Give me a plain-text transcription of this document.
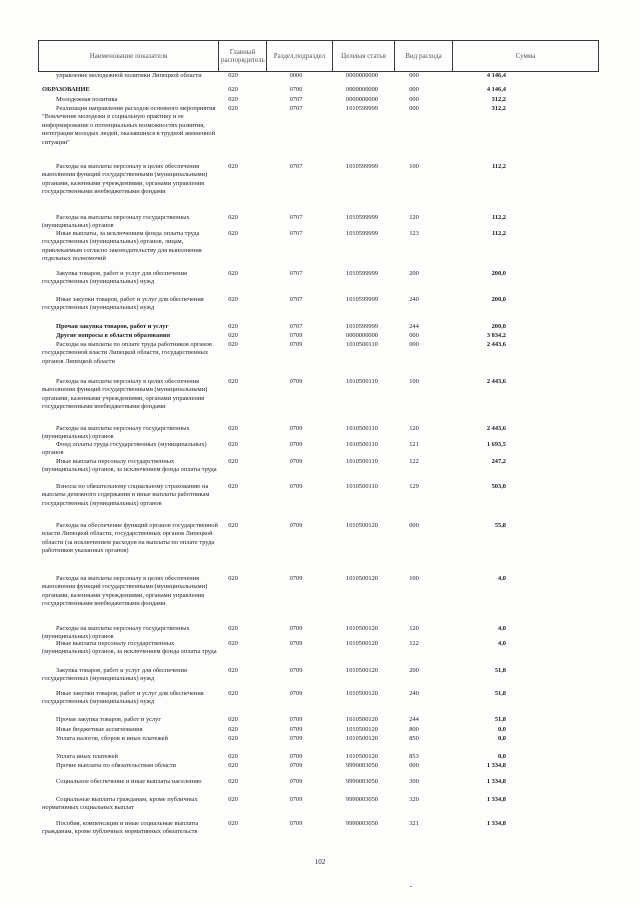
Наименование показателя	Главный распорядитель	Раздел,подраздел	Целевая статья	Вид расхода	Сумма
управление молодежной политики Липецкой области	020	0000	0000000000	000	4 146,4
ОБРАЗОВАНИЕ	020	0700	0000000000	000	4 146,4
Молодежная политика	020	0707	0000000000	000	312,2
Реализация направления расходов основного мероприятия "Вовлечение молодежи в социальную практику и ее информирование о потенциальных возможностях развития, интеграция молодых людей, оказавшихся в трудной жизненной ситуации"
020	0707	1010599999	000	312,2
Расходы на выплаты персоналу в целях обеспечения выполнения функций государственными (муниципальными) органами, казенными учреждениями, органами управления государственными внебюджетными фондами
020	0707	1010599999	100	112,2
Расходы на выплаты персоналу государственных (муниципальных) органов
020	0707	1010599999	120	112,2
Иные выплаты, за исключением фонда оплаты труда государственных (муниципальных) органов, лицам, привлекаемым согласно законодательству для выполнения отдельных полномочий
020	0707	1010599999	123	112,2
Закупка товаров, работ и услуг для обеспечения государственных (муниципальных) нужд
020	0707	1010599999	200	200,0
Иные закупки товаров, работ и услуг для обеспечения государственных (муниципальных) нужд
020	0707	1010599999	240	200,0
Прочая закупка товаров, работ и услуг	020	0707	1010599999	244	200,0
Другие вопросы в области образования	020	0709	0000000000	000	3 834,2
Расходы на выплаты по оплате труда работников органов государственной власти Липецкой области, государственных органов Липецкой области
020	0709	1010500110	000	2 443,6
Расходы на выплаты персоналу в целях обеспечения выполнения функций государственными (муниципальными) органами, казенными учреждениями, органами управления государственными внебюджетными фондами
020	0709	1010500110	100	2 443,6
Расходы на выплаты персоналу государственных (муниципальных) органов
020	0709	1010500110	120	2 443,6
Фонд оплаты труда государственных (муниципальных) органов
020	0709	1010500110	121	1 693,5
Иные выплаты персоналу государственных (муниципальных) органов, за исключением фонда оплаты труда
020	0709	1010500110	122	247,2
Взносы по обязательному социальному страхованию на выплаты денежного содержания и иные выплаты работникам государственных (муниципальных) органов
020	0709	1010500110	129	503,0
Расходы на обеспечение функций органов государственной власти Липецкой области, государственных органов Липецкой области (за исключением расходов на выплаты по оплате труда работников указанных органов)
020	0709	1010500120	000	55,8
Расходы на выплаты персоналу в целях обеспечения выполнения функций государственными (муниципальными) органами, казенными учреждениями, органами управления государственными внебюджетными фондами
020	0709	1010500120	100	4,0
Расходы на выплаты персоналу государственных (муниципальных) органов
020	0709	1010500120	120	4,0
Иные выплаты персоналу государственных (муниципальных) органов, за исключением фонда оплаты труда
020	0709	1010500120	122	4,0
Закупка товаров, работ и услуг для обеспечения государственных (муниципальных) нужд
020	0709	1010500120	200	51,8
Иные закупки товаров, работ и услуг для обеспечения государственных (муниципальных) нужд
020	0709	1010500120	240	51,8
Прочая закупка товаров, работ и услуг	020	0709	1010500120	244	51,8
Иные бюджетные ассигнования	020	0709	1010500120	800	0,0
Уплата налогов, сборов и иных платежей	020	0709	1010500120	850	0,0
Уплата иных платежей	020	0709	1010500120	853	0,0
Прочие выплаты по обязательствам области	020	0709	9990003050	000	1 334,8
Социальное обеспечение и иные выплаты населению	020	0709	9990003050	300	1 334,8
Социальные выплаты гражданам, кроме публичных нормативных социальных выплат
020	0709	9990003050	320	1 334,8
Пособия, компенсации и иные социальные выплаты гражданам, кроме публичных нормативных обязательств
020	0709	9990003050	321	1 334,8
102
